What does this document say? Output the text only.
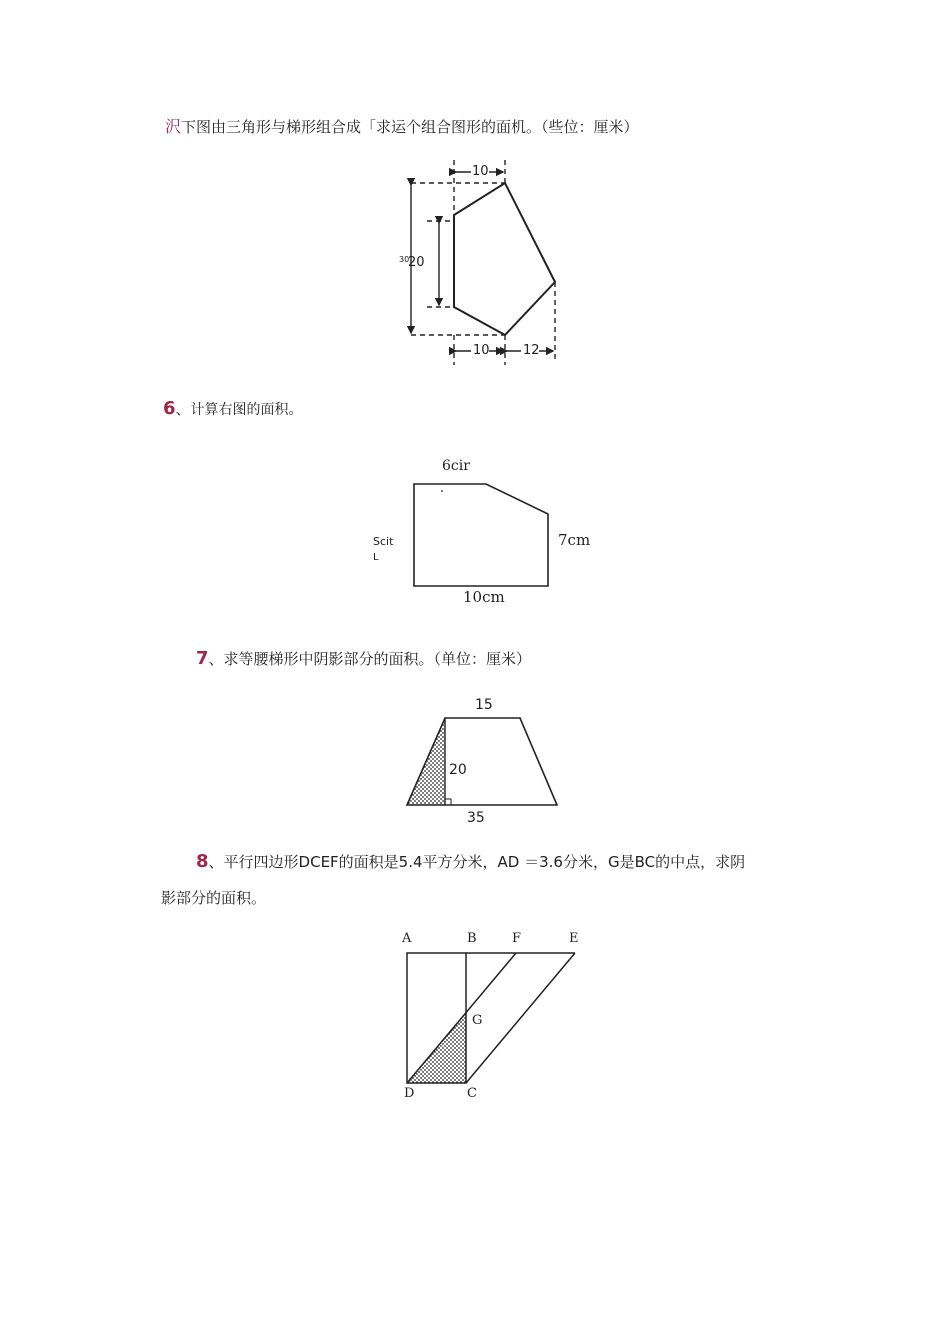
沢下图由三角形与梯形组合成「求运个组合图形的面机。（些位：厘米）
10
30
20
10	12
6、计算右图的面积。
6cir
Scit
L
7cm
10cm
7、求等腰梯形中阴影部分的面积。（单位：厘米）
15
20
35
8、平行四边形DCEF的面积是5.4平方分米，AD ＝3.6分米，G是BC的中点，求阴
影部分的面积。
A	B	F	E
G
D	C
